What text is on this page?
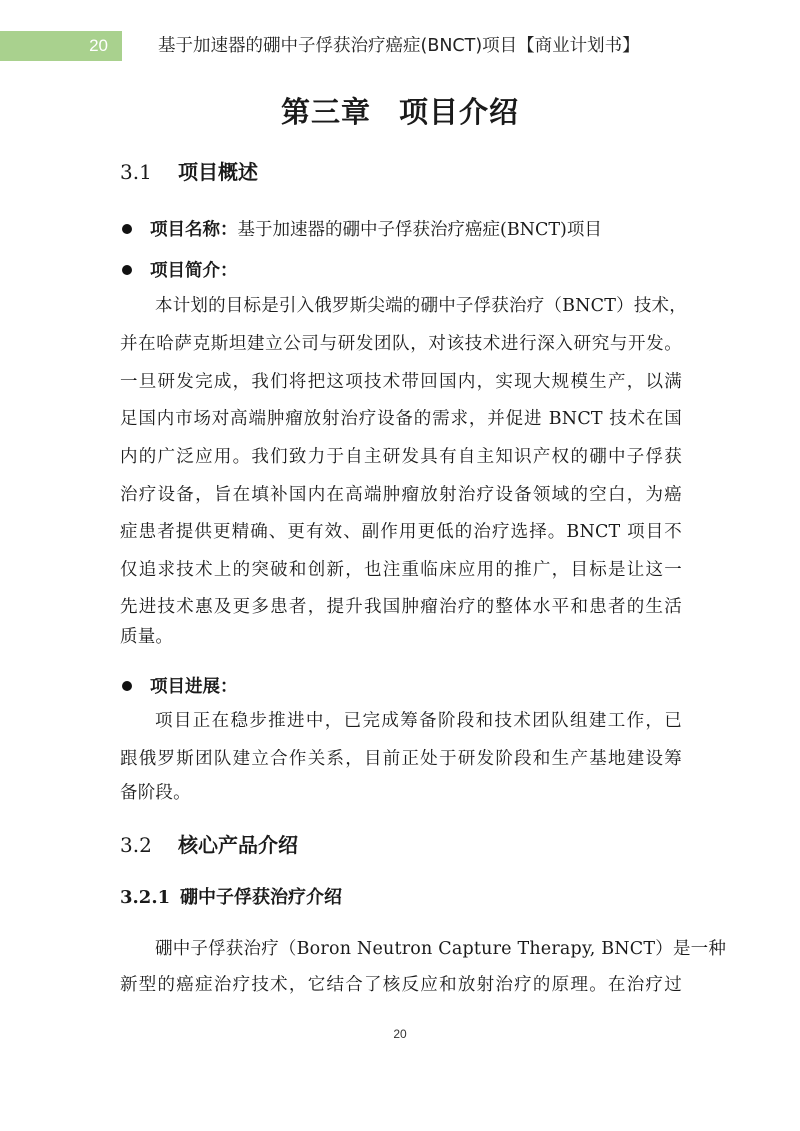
20	基于加速器的硼中子俘获治疗癌症(BNCT)项目【商业计划书】
第三章 项目介绍
3.1 项目概述
项目名称：基于加速器的硼中子俘获治疗癌症(BNCT)项目
项目简介：
本计划的目标是引入俄罗斯尖端的硼中子俘获治疗（BNCT）技术，
并在哈萨克斯坦建立公司与研发团队，对该技术进行深入研究与开发。
一旦研发完成，我们将把这项技术带回国内，实现大规模生产，以满
足国内市场对高端肿瘤放射治疗设备的需求，并促进 BNCT 技术在国
内的广泛应用。我们致力于自主研发具有自主知识产权的硼中子俘获
治疗设备，旨在填补国内在高端肿瘤放射治疗设备领域的空白，为癌
症患者提供更精确、更有效、副作用更低的治疗选择。BNCT 项目不
仅追求技术上的突破和创新，也注重临床应用的推广，目标是让这一
先进技术惠及更多患者，提升我国肿瘤治疗的整体水平和患者的生活
质量。
项目进展：
项目正在稳步推进中，已完成筹备阶段和技术团队组建工作，已
跟俄罗斯团队建立合作关系，目前正处于研发阶段和生产基地建设筹
备阶段。
3.2 核心产品介绍
3.2.1 硼中子俘获治疗介绍
硼中子俘获治疗（Boron Neutron Capture Therapy, BNCT）是一种
新型的癌症治疗技术，它结合了核反应和放射治疗的原理。在治疗过
20
